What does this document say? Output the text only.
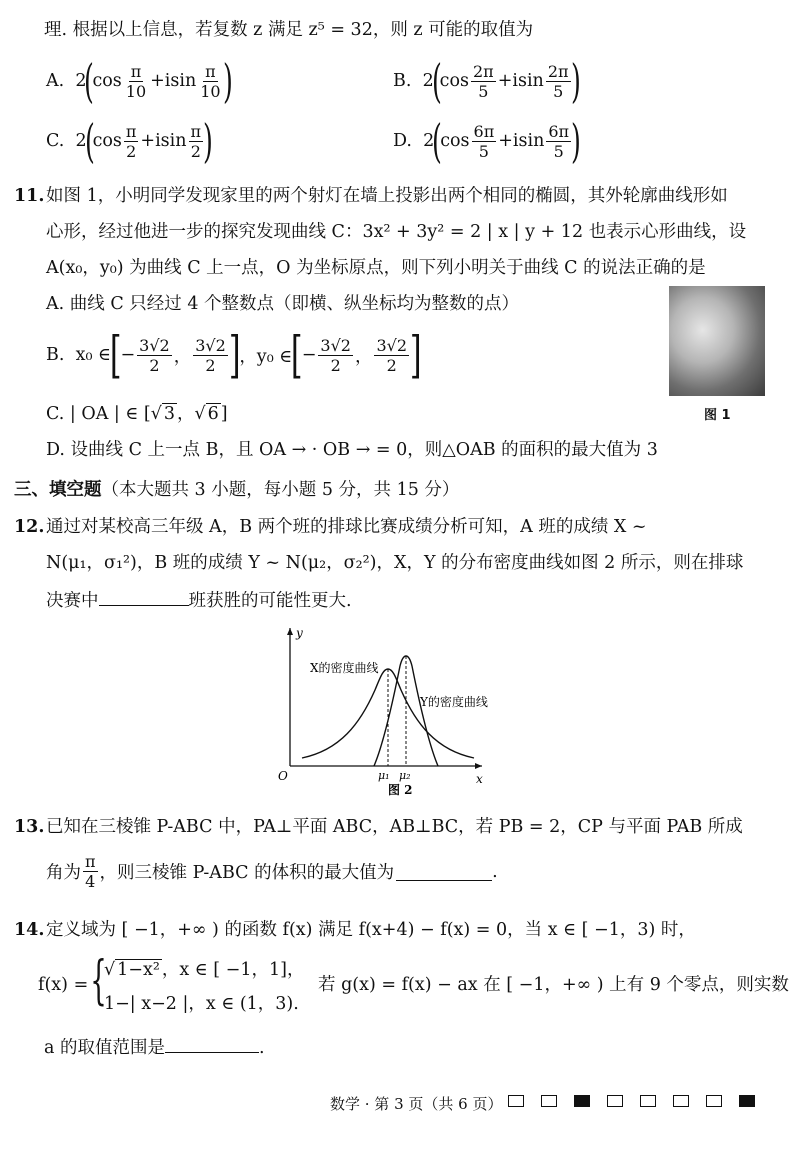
理. 根据以上信息，若复数 z 满足 z⁵ = 32，则 z 可能的取值为
A.
2
(
$\cos \frac{\pi}{10} +isin \frac{\pi}{10}$ )	B.
2
(
$\cos \frac{2\pi}{5} +isin \frac{2\pi}{5}$ )
C.
2
(
$\cos \frac{\pi}{2} +isin \frac{\pi}{2}$ )	D.
2
(
$\cos \frac{6\pi}{5} +isin \frac{6\pi}{5}$ )
11. 如图 1，小明同学发现家里的两个射灯在墙上投影出两个相同的椭圆，其外轮廓曲线形如
心形，经过他进一步的探究发现曲线 C：3x² + 3y² = 2 | x | y + 12 也表示心形曲线，设
A(x₀，y₀) 为曲线 C 上一点，O 为坐标原点，则下列小明关于曲线 C 的说法正确的是
A. 曲线 C 只经过 4 个整数点（即横、纵坐标均为整数的点）
B.
x₀ ∈
[
− $\frac{3√2}{2}$ ， $\frac{3√2}{2}$ ]
，y₀ ∈
[
− $\frac{3√2}{2}$ ， $\frac{3√2}{2}$ ]
C. | OA | ∈ [√ 3 ，√ 6 ]
D. 设曲线 C 上一点 B，且 OA → · OB → = 0，则△OAB 的面积的最大值为 3
图 1
三、填空题（本大题共 3 小题，每小题 5 分，共 15 分）
12. 通过对某校高三年级 A，B 两个班的排球比赛成绩分析可知，A 班的成绩 X ~
N(μ₁，σ₁²)，B 班的成绩 Y ~ N(μ₂，σ₂²)，X，Y 的分布密度曲线如图 2 所示，则在排球
决赛中	班获胜的可能性更大.
y
x
O
X的密度曲线
Y的密度曲线
μ₁ μ₂
图 2
13. 已知在三棱锥 P-ABC 中，PA⊥平面 ABC，AB⊥BC，若 PB = 2，CP 与平面 PAB 所成
角为 $\frac{\pi}{4}$ ，则三棱锥 P-ABC 的体积的最大值为	.
14. 定义域为 [ −1，+∞ ) 的函数 f(x) 满足 f(x+4) − f(x) = 0，当 x ∈ [ −1，3) 时，
f(x) = {
√ 1−x² ，x ∈ [ −1，1]，
1−| x−2 |，x ∈ (1，3).
若 g(x) = f(x) − ax 在 [ −1，+∞ ) 上有 9 个零点，则实数
a 的取值范围是	.
数学 · 第 3 页（共 6 页）
